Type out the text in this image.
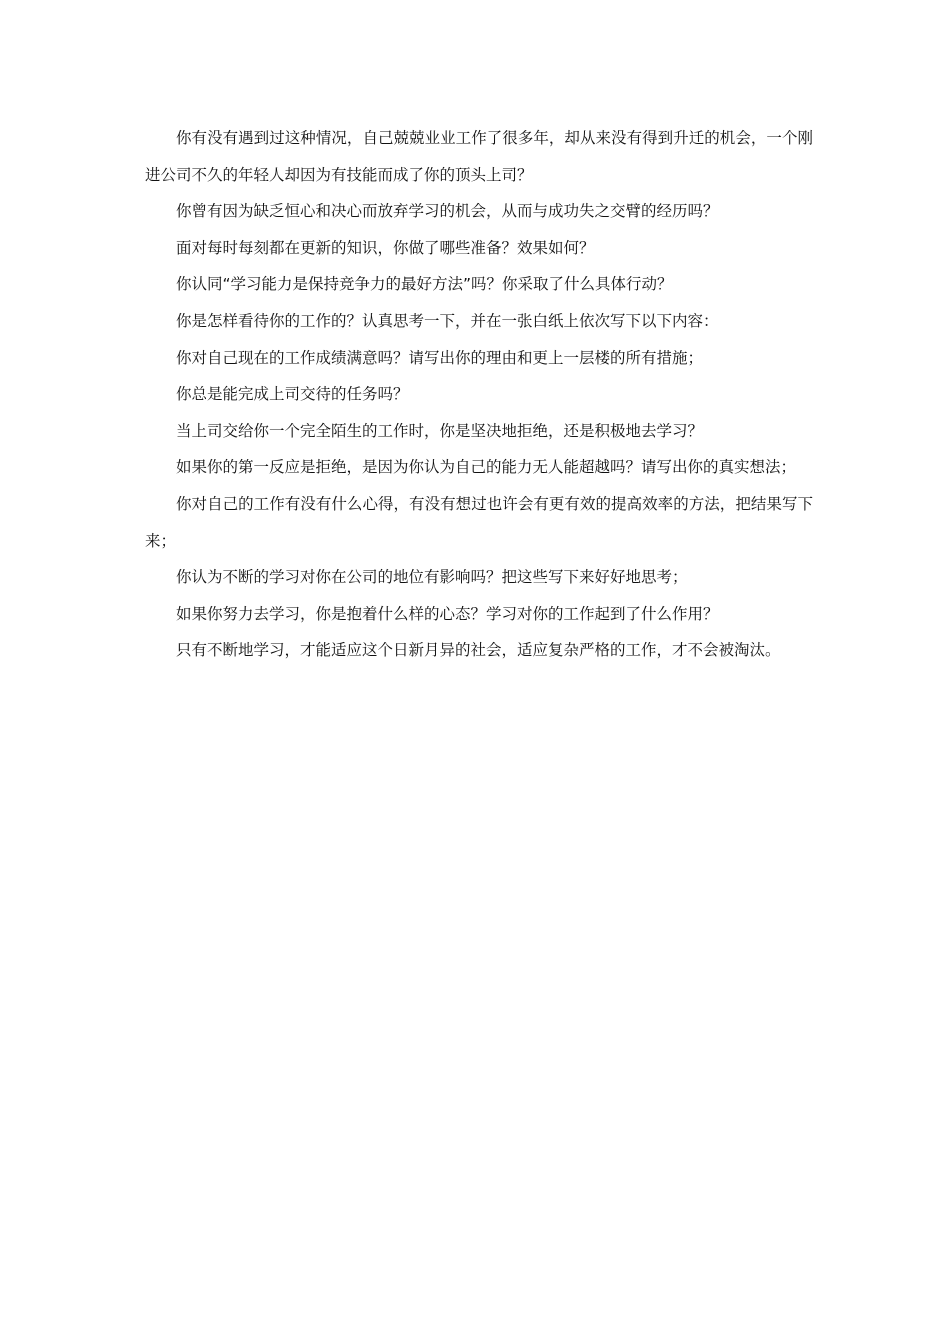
你有没有遇到过这种情况，自己兢兢业业工作了很多年，却从来没有得到升迁的机会，一个刚进公司不久的年轻人却因为有技能而成了你的顶头上司？

你曾有因为缺乏恒心和决心而放弃学习的机会，从而与成功失之交臂的经历吗？

面对每时每刻都在更新的知识，你做了哪些准备？效果如何？

你认同“学习能力是保持竞争力的最好方法”吗？你采取了什么具体行动？

你是怎样看待你的工作的？认真思考一下，并在一张白纸上依次写下以下内容：

你对自己现在的工作成绩满意吗？请写出你的理由和更上一层楼的所有措施；

你总是能完成上司交待的任务吗？

当上司交给你一个完全陌生的工作时，你是坚决地拒绝，还是积极地去学习？

如果你的第一反应是拒绝，是因为你认为自己的能力无人能超越吗？请写出你的真实想法；

你对自己的工作有没有什么心得，有没有想过也许会有更有效的提高效率的方法，把结果写下来；

你认为不断的学习对你在公司的地位有影响吗？把这些写下来好好地思考；

如果你努力去学习，你是抱着什么样的心态？学习对你的工作起到了什么作用？

只有不断地学习，才能适应这个日新月异的社会，适应复杂严格的工作，才不会被淘汰。
